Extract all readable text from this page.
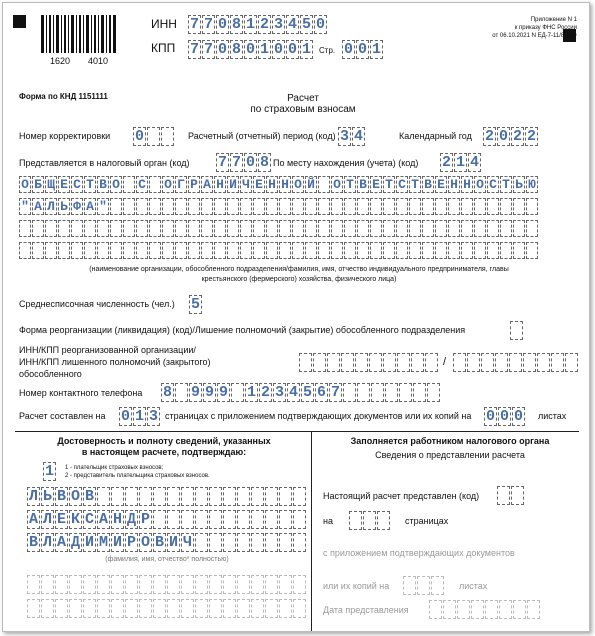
1620 4010
ИНН 7 7 0 8 1 2 3 4 5 0
КПП 7 7 0 8 0 1 0 0 1 Стр. 0 0 1
Приложение N 1
к приказу ФНС России
от 06.10.2021 N ЕД-7-11/875@
Форма по КНД 1151111	Расчет
по страховым взносам
Номер корректировки 0	Расчетный (отчетный) период (код) 3 4	Календарный год 2 0 2 2
Представляется в налоговый орган (код) 7 7 0 8 По месту нахождения (учета) (код) 2 1 4
О Б Щ Е С Т В О С О Г Р А Н И Ч Е Н Н О Й О Т В Е Т С Т В Е Н Н О С Т Ь Ю
" А Л Ь Ф А "
(наименование организации, обособленного подразделения/фамилия, имя, отчество индивидуального предпринимателя, главы
крестьянского (фермерского) хозяйства, физического лица)
Среднесписочная численность (чел.)	5
Форма реорганизации (ликвидация) (код)/Лишение полномочий (закрытие) обособленного подразделения
ИНН/КПП реорганизованной организации/
ИНН/КПП лишенного полномочий (закрытого)
обособленного
/
Номер контактного телефона	8 9 9 9 1 2 3 4 5 6 7
Расчет составлен на	0 1 3 страницах с приложением подтверждающих документов или их копий на 0 0 0 листах
Достоверность и полноту сведений, указанных
в настоящем расчете, подтверждаю:
1	1 - плательщик страховых взносов;
2 - представитель плательщика страховых взносов.
Л Ь В О В
А Л Е К С А Н Д Р
В Л А Д И М И Р О В И Ч
(фамилия, имя, отчество* полностью)
Заполняется работником налогового органа
Сведения о представлении расчета
Настоящий расчет представлен (код)
на	страницах
с приложением подтверждающих документов
или их копий на	листах
Дата представления
